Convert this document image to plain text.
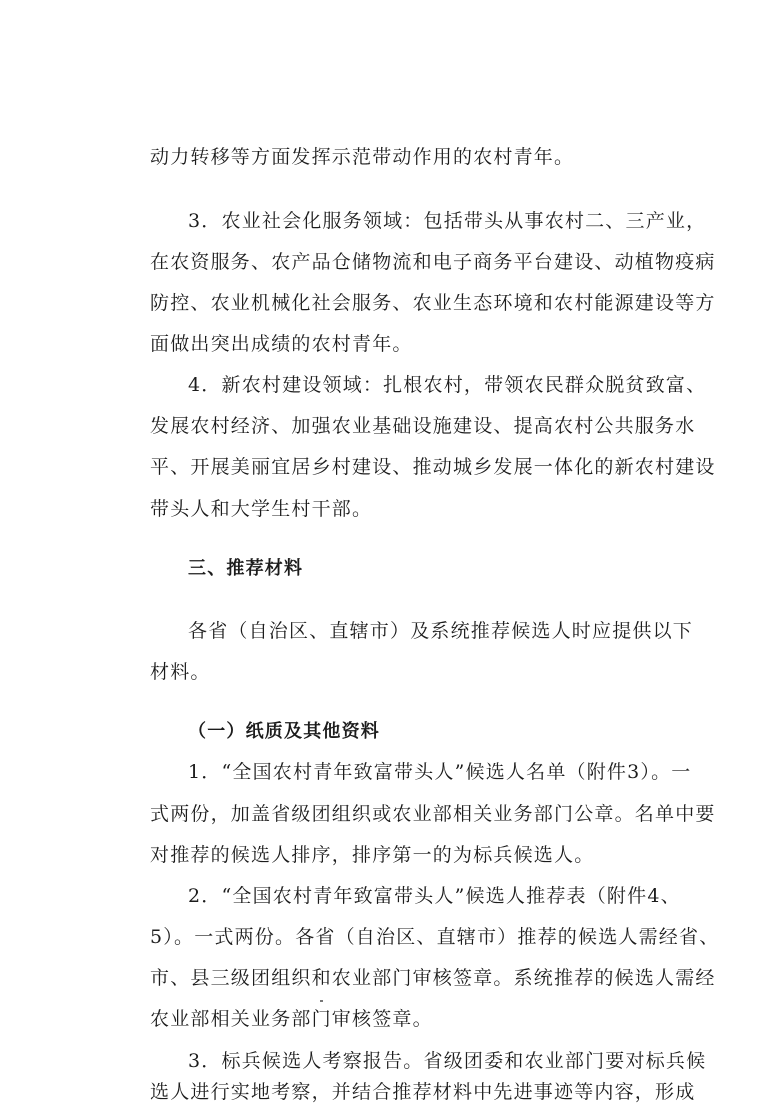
动力转移等方面发挥示范带动作用的农村青年。
3．农业社会化服务领域：包括带头从事农村二、三产业，
在农资服务、农产品仓储物流和电子商务平台建设、动植物疫病
防控、农业机械化社会服务、农业生态环境和农村能源建设等方
面做出突出成绩的农村青年。
4．新农村建设领域：扎根农村，带领农民群众脱贫致富、
发展农村经济、加强农业基础设施建设、提高农村公共服务水
平、开展美丽宜居乡村建设、推动城乡发展一体化的新农村建设
带头人和大学生村干部。
三、推荐材料
各省（自治区、直辖市）及系统推荐候选人时应提供以下
材料。
（一）纸质及其他资料
1．“全国农村青年致富带头人”候选人名单（附件3）。一
式两份，加盖省级团组织或农业部相关业务部门公章。名单中要
对推荐的候选人排序，排序第一的为标兵候选人。
2．“全国农村青年致富带头人”候选人推荐表（附件4、
5）。一式两份。各省（自治区、直辖市）推荐的候选人需经省、
市、县三级团组织和农业部门审核签章。系统推荐的候选人需经
农业部相关业务部门审核签章。
3．标兵候选人考察报告。省级团委和农业部门要对标兵候
选人进行实地考察，并结合推荐材料中先进事迹等内容，形成
